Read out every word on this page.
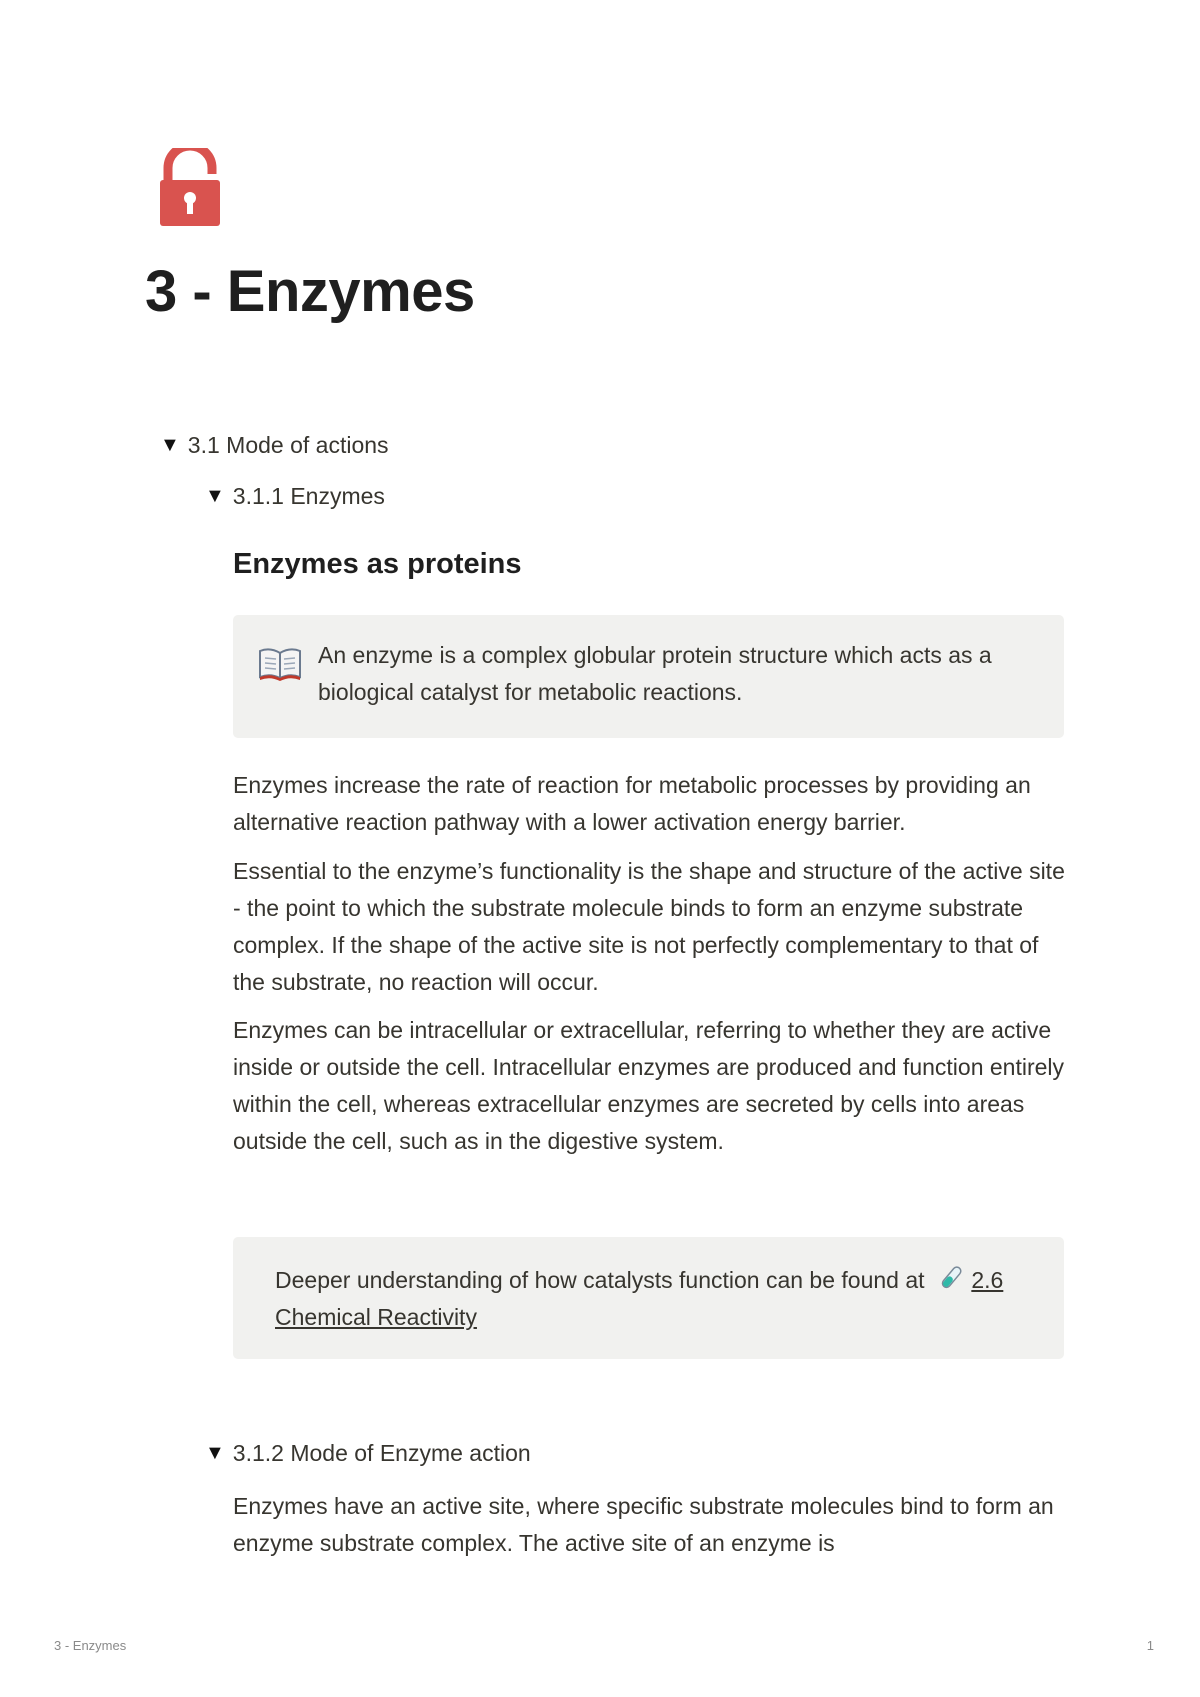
3 - Enzymes
▼ 3.1 Mode of actions
▼ 3.1.1 Enzymes
Enzymes as proteins
An enzyme is a complex globular protein structure which acts as a biological catalyst for metabolic reactions.

Enzymes increase the rate of reaction for metabolic processes by providing an alternative reaction pathway with a lower activation energy barrier.

Essential to the enzyme’s functionality is the shape and structure of the active site - the point to which the substrate molecule binds to form an enzyme substrate complex. If the shape of the active site is not perfectly complementary to that of the substrate, no reaction will occur.

Enzymes can be intracellular or extracellular, referring to whether they are active inside or outside the cell. Intracellular enzymes are produced and function entirely within the cell, whereas extracellular enzymes are secreted by cells into areas outside the cell, such as in the digestive system.

Deeper understanding of how catalysts function can be found at 2.6 Chemical Reactivity
▼ 3.1.2 Mode of Enzyme action

Enzymes have an active site, where specific substrate molecules bind to form an enzyme substrate complex. The active site of an enzyme is

3 - Enzymes	1
